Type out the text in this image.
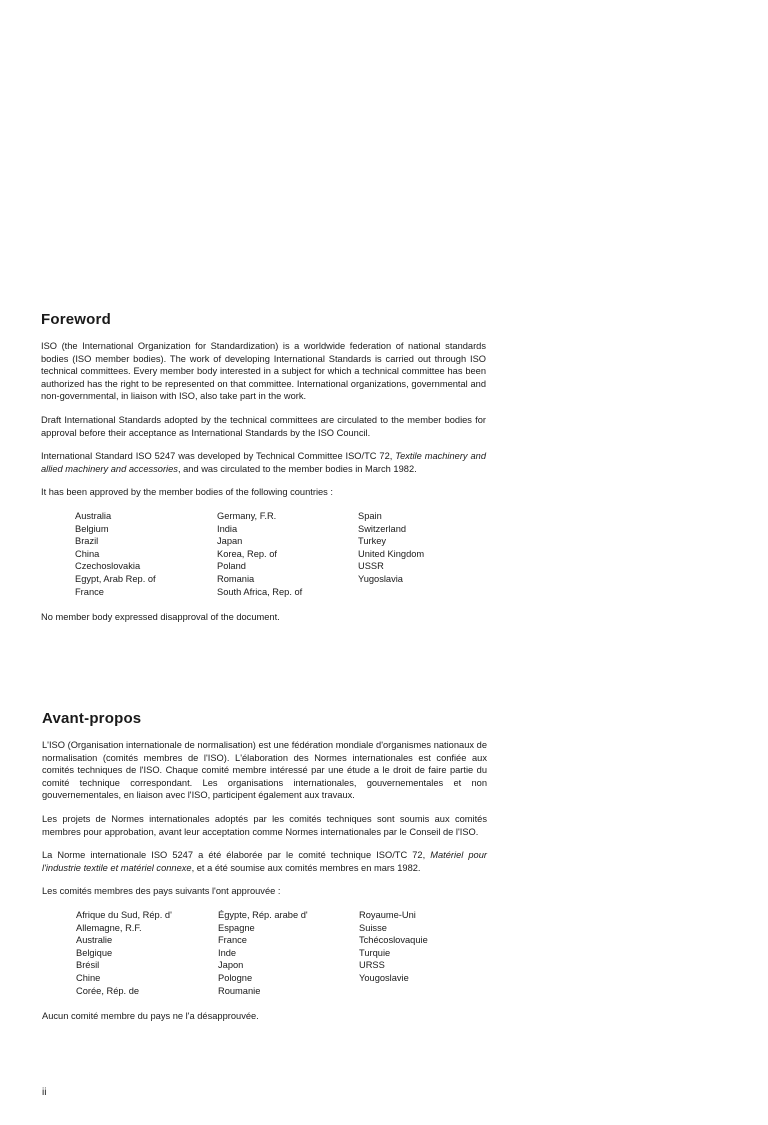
Foreword

ISO (the International Organization for Standardization) is a worldwide federation of national standards bodies (ISO member bodies). The work of developing International Standards is carried out through ISO technical committees. Every member body interested in a subject for which a technical committee has been authorized has the right to be represented on that committee. International organizations, governmental and non-governmental, in liaison with ISO, also take part in the work.

Draft International Standards adopted by the technical committees are circulated to the member bodies for approval before their acceptance as International Standards by the ISO Council.

International Standard ISO 5247 was developed by Technical Committee ISO/TC 72, Textile machinery and allied machinery and accessories, and was circulated to the member bodies in March 1982.

It has been approved by the member bodies of the following countries :

Australia
Belgium
Brazil
China
Czechoslovakia
Egypt, Arab Rep. of
France
Germany, F.R.
India
Japan
Korea, Rep. of
Poland
Romania
South Africa, Rep. of
Spain
Switzerland
Turkey
United Kingdom
USSR
Yugoslavia

No member body expressed disapproval of the document.

Avant-propos

L'ISO (Organisation internationale de normalisation) est une fédération mondiale d'organismes nationaux de normalisation (comités membres de l'ISO). L'élaboration des Normes internationales est confiée aux comités techniques de l'ISO. Chaque comité membre intéressé par une étude a le droit de faire partie du comité technique correspondant. Les organisations internationales, gouvernementales et non gouvernementales, en liaison avec l'ISO, participent également aux travaux.

Les projets de Normes internationales adoptés par les comités techniques sont soumis aux comités membres pour approbation, avant leur acceptation comme Normes internationales par le Conseil de l'ISO.

La Norme internationale ISO 5247 a été élaborée par le comité technique ISO/TC 72, Matériel pour l'industrie textile et matériel connexe, et a été soumise aux comités membres en mars 1982.

Les comités membres des pays suivants l'ont approuvée :

Afrique du Sud, Rép. d'
Allemagne, R.F.
Australie
Belgique
Brésil
Chine
Corée, Rép. de
Égypte, Rép. arabe d'
Espagne
France
Inde
Japon
Pologne
Roumanie
Royaume-Uni
Suisse
Tchécoslovaquie
Turquie
URSS
Yougoslavie

Aucun comité membre du pays ne l'a désapprouvée.

ii
